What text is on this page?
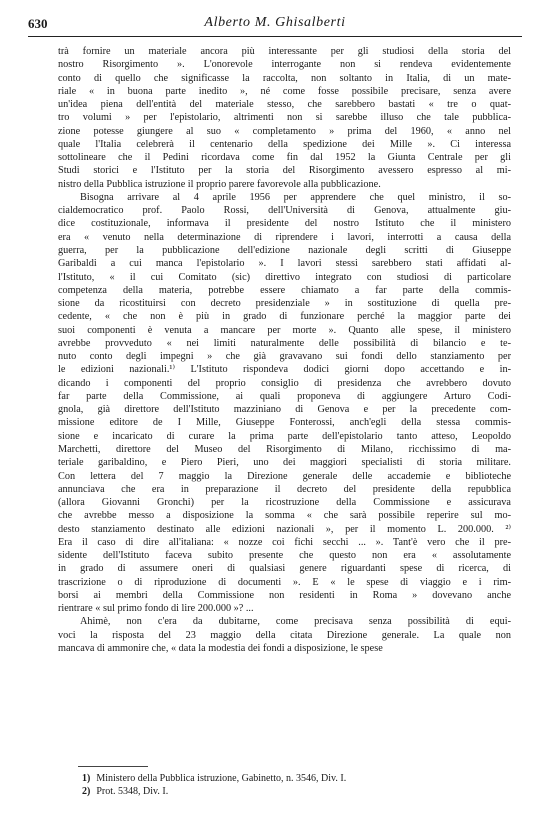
630	Alberto M. Ghisalberti
trà fornire un materiale ancora più interessante per gli studiosi della storia del
nostro Risorgimento ». L'onorevole interrogante non si rendeva evidentemente
conto di quello che significasse la raccolta, non soltanto in Italia, di un mate-
riale « in buona parte inedito », né come fosse possibile precisare, senza avere
un'idea piena dell'entità del materiale stesso, che sarebbero bastati « tre o quat-
tro volumi » per l'epistolario, altrimenti non si sarebbe illuso che tale pubblica-
zione potesse giungere al suo « completamento » prima del 1960, « anno nel
quale l'Italia celebrerà il centenario della spedizione dei Mille ». Ci interessa
sottolineare che il Pedini ricordava come fin dal 1952 la Giunta Centrale per gli
Studi storici e l'Istituto per la storia del Risorgimento avessero espresso al mi-
nistro della Pubblica istruzione il proprio parere favorevole alla pubblicazione.
Bisogna arrivare al 4 aprile 1956 per apprendere che quel ministro, il so-
cialdemocratico prof. Paolo Rossi, dell'Università di Genova, attualmente giu-
dice costituzionale, informava il presidente del nostro Istituto che il ministero
era « venuto nella determinazione di riprendere i lavori, interrotti a causa della
guerra, per la pubblicazione dell'edizione nazionale degli scritti di Giuseppe
Garibaldi a cui manca l'epistolario ». I lavori stessi sarebbero stati affidati al-
l'Istituto, « il cui Comitato (sic) direttivo integrato con studiosi di particolare
competenza della materia, potrebbe essere chiamato a far parte della commis-
sione da ricostituirsi con decreto presidenziale » in sostituzione di quella pre-
cedente, « che non è più in grado di funzionare perché la maggior parte dei
suoi componenti è venuta a mancare per morte ». Quanto alle spese, il ministero
avrebbe provveduto « nei limiti naturalmente delle possibilità di bilancio e te-
nuto conto degli impegni » che già gravavano sui fondi dello stanziamento per
le edizioni nazionali.¹⁾ L'Istituto rispondeva dodici giorni dopo accettando e in-
dicando i componenti del proprio consiglio di presidenza che avrebbero dovuto
far parte della Commissione, ai quali proponeva di aggiungere Arturo Codi-
gnola, già direttore dell'Istituto mazziniano di Genova e per la precedente com-
missione editore de I Mille, Giuseppe Fonterossi, anch'egli della stessa commis-
sione e incaricato di curare la prima parte dell'epistolario tanto atteso, Leopoldo
Marchetti, direttore del Museo del Risorgimento di Milano, ricchissimo di ma-
teriale garibaldino, e Piero Pieri, uno dei maggiori specialisti di storia militare.
Con lettera del 7 maggio la Direzione generale delle accademie e biblioteche
annunciava che era in preparazione il decreto del presidente della repubblica
(allora Giovanni Gronchi) per la ricostruzione della Commissione e assicurava
che avrebbe messo a disposizione la somma « che sarà possibile reperire sul mo-
desto stanziamento destinato alle edizioni nazionali », per il momento L. 200.000. ²⁾
Era il caso di dire all'italiana: « nozze coi fichi secchi ... ». Tant'è vero che il pre-
sidente dell'Istituto faceva subito presente che questo non era « assolutamente
in grado di assumere oneri di qualsiasi genere riguardanti spese di ricerca, di
trascrizione o di riproduzione di documenti ». E « le spese di viaggio e i rim-
borsi ai membri della Commissione non residenti in Roma » dovevano anche
rientrare « sul primo fondo di lire 200.000 »? ...
Ahimè, non c'era da dubitarne, come precisava senza possibilità di equi-
voci la risposta del 23 maggio della citata Direzione generale. La quale non
mancava di ammonire che, « data la modestia dei fondi a disposizione, le spese
1) Ministero della Pubblica istruzione, Gabinetto, n. 3546, Div. I.
2) Prot. 5348, Div. I.
